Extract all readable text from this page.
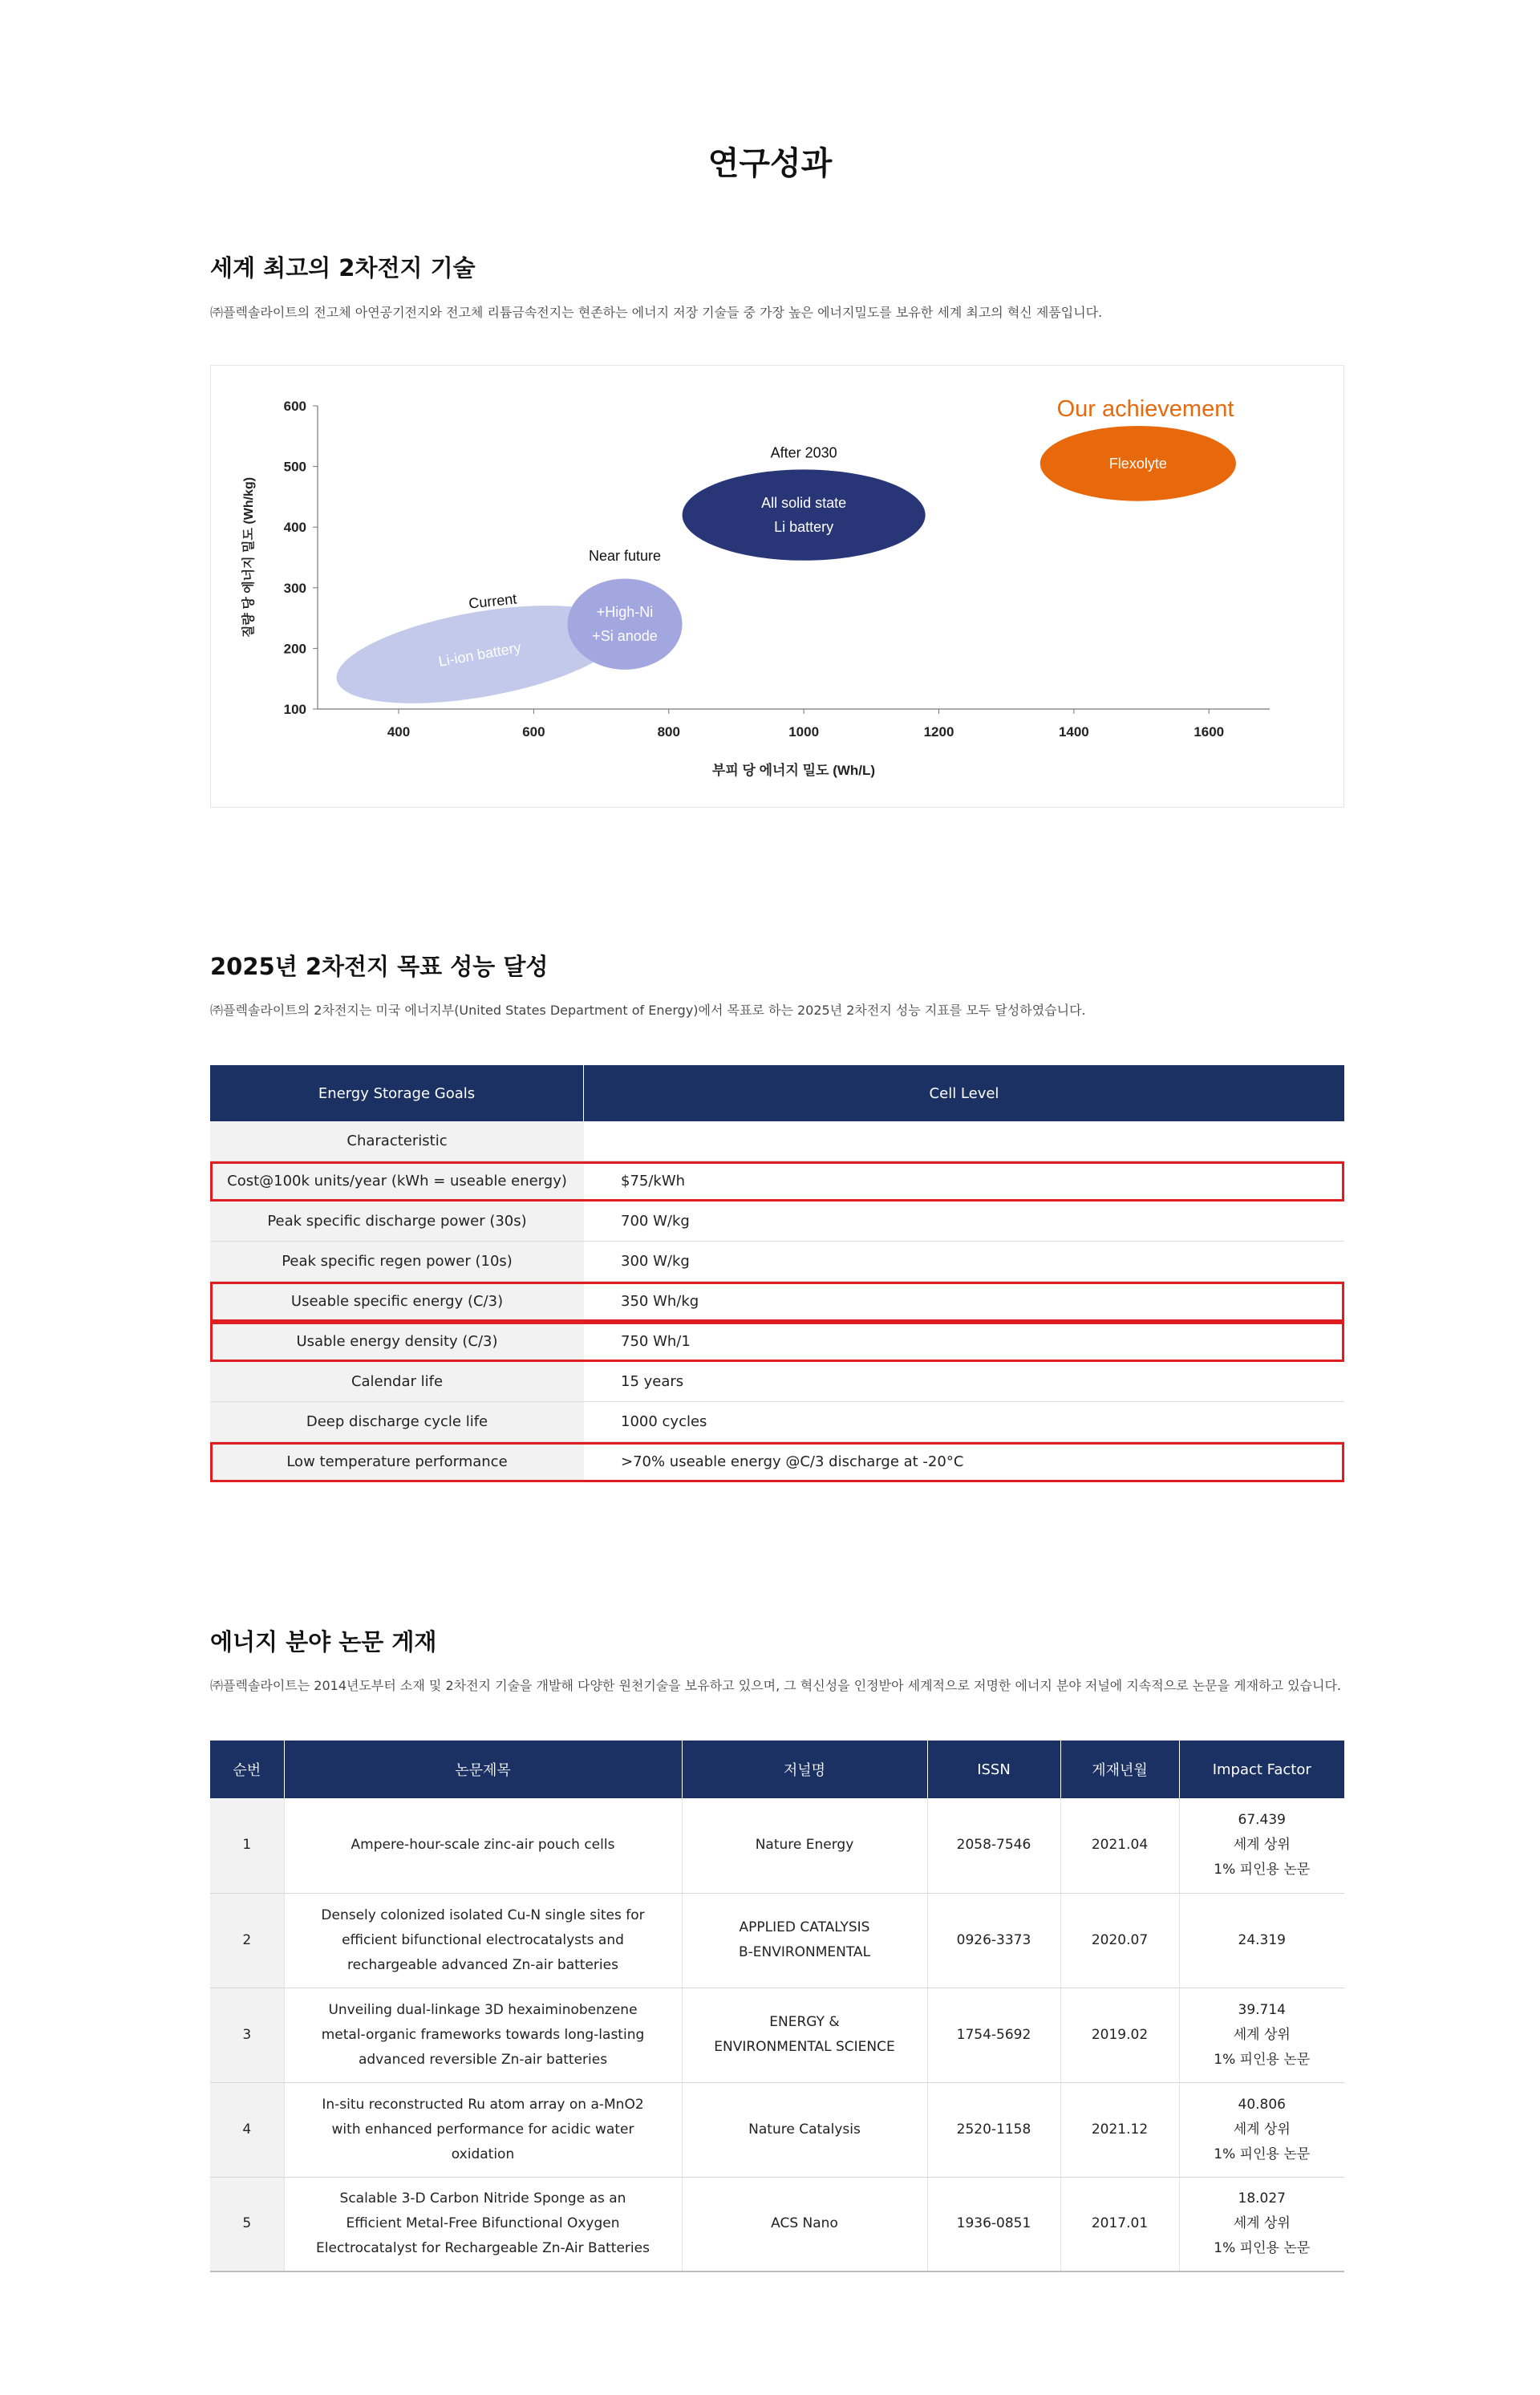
연구성과
세계 최고의 2차전지 기술

㈜플렉솔라이트의 전고체 아연공기전지와 전고체 리튬금속전지는 현존하는 에너지 저장 기술들 중 가장 높은 에너지밀도를 보유한 세계 최고의 혁신 제품입니다.

100
200
300
400
500
600
400	600	800	1000	1200	1400	1600
부피 당 에너지 밀도 (Wh/L)
질량 당 에너지 밀도 (Wh/kg)
Li-ion battery
Current
+High-Ni
+Si anode
Near future
All solid state
Li battery
After 2030
Flexolyte
Our achievement
2025년 2차전지 목표 성능 달성

㈜플렉솔라이트의 2차전지는 미국 에너지부(United States Department of Energy)에서 목표로 하는 2025년 2차전지 성능 지표를 모두 달성하였습니다.

Energy Storage Goals	Cell Level
Characteristic
Cost@100k units/year (kWh = useable energy)	$75/kWh
Peak specific discharge power (30s)	700 W/kg
Peak specific regen power (10s)	300 W/kg
Useable specific energy (C/3)	350 Wh/kg
Usable energy density (C/3)	750 Wh/1
Calendar life	15 years
Deep discharge cycle life	1000 cycles
Low temperature performance	>70% useable energy @C/3 discharge at -20°C
에너지 분야 논문 게재

㈜플렉솔라이트는 2014년도부터 소재 및 2차전지 기술을 개발해 다양한 원천기술을 보유하고 있으며, 그 혁신성을 인정받아 세계적으로 저명한 에너지 분야 저널에 지속적으로 논문을 게재하고 있습니다.

순번	논문제목	저널명	ISSN	게재년월	Impact Factor
1	Ampere-hour-scale zinc-air pouch cells	Nature Energy	2058-7546	2021.04	67.439
세계 상위
1% 피인용 논문
2	Densely colonized isolated Cu-N single sites for
efficient bifunctional electrocatalysts and
rechargeable advanced Zn-air batteries	APPLIED CATALYSIS
B-ENVIRONMENTAL	0926-3373	2020.07	24.319
3	Unveiling dual-linkage 3D hexaiminobenzene
metal-organic frameworks towards long-lasting
advanced reversible Zn-air batteries	ENERGY &
ENVIRONMENTAL SCIENCE	1754-5692	2019.02	39.714
세계 상위
1% 피인용 논문
4	In-situ reconstructed Ru atom array on a-MnO2
with enhanced performance for acidic water
oxidation	Nature Catalysis	2520-1158	2021.12	40.806
세계 상위
1% 피인용 논문
5	Scalable 3-D Carbon Nitride Sponge as an
Efficient Metal-Free Bifunctional Oxygen
Electrocatalyst for Rechargeable Zn-Air Batteries	ACS Nano	1936-0851	2017.01	18.027
세계 상위
1% 피인용 논문
